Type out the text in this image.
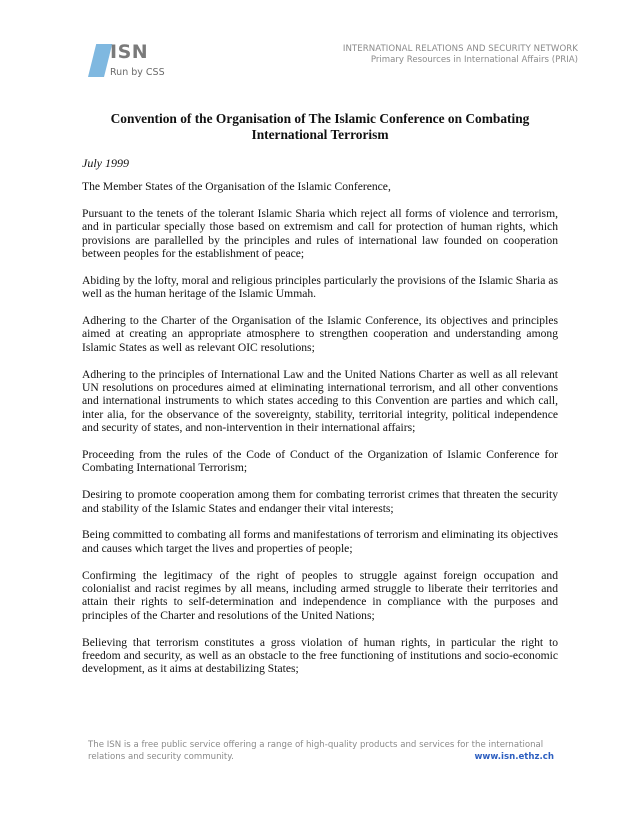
ISN
Run by CSS
INTERNATIONAL RELATIONS AND SECURITY NETWORK
Primary Resources in International Affairs (PRIA)
Convention of the Organisation of The Islamic Conference on Combating International Terrorism
July 1999

The Member States of the Organisation of the Islamic Conference,

Pursuant to the tenets of the tolerant Islamic Sharia which reject all forms of violence and terrorism, and in particular specially those based on extremism and call for protection of human rights, which provisions are parallelled by the principles and rules of international law founded on cooperation between peoples for the establishment of peace;

Abiding by the lofty, moral and religious principles particularly the provisions of the Islamic Sharia as well as the human heritage of the Islamic Ummah.

Adhering to the Charter of the Organisation of the Islamic Conference, its objectives and principles aimed at creating an appropriate atmosphere to strengthen cooperation and understanding among Islamic States as well as relevant OIC resolutions;

Adhering to the principles of International Law and the United Nations Charter as well as all relevant UN resolutions on procedures aimed at eliminating international terrorism, and all other conventions and international instruments to which states acceding to this Convention are parties and which call, inter alia, for the observance of the sovereignty, stability, territorial integrity, political independence and security of states, and non-intervention in their international affairs;

Proceeding from the rules of the Code of Conduct of the Organization of Islamic Conference for Combating International Terrorism;

Desiring to promote cooperation among them for combating terrorist crimes that threaten the security and stability of the Islamic States and endanger their vital interests;

Being committed to combating all forms and manifestations of terrorism and eliminating its objectives and causes which target the lives and properties of people;

Confirming the legitimacy of the right of peoples to struggle against foreign occupation and colonialist and racist regimes by all means, including armed struggle to liberate their territories and attain their rights to self-determination and independence in compliance with the purposes and principles of the Charter and resolutions of the United Nations;

Believing that terrorism constitutes a gross violation of human rights, in particular the right to freedom and security, as well as an obstacle to the free functioning of institutions and socio-economic development, as it aims at destabilizing States;

The ISN is a free public service offering a range of high-quality products and services for the international relations and security community.	www.isn.ethz.ch
